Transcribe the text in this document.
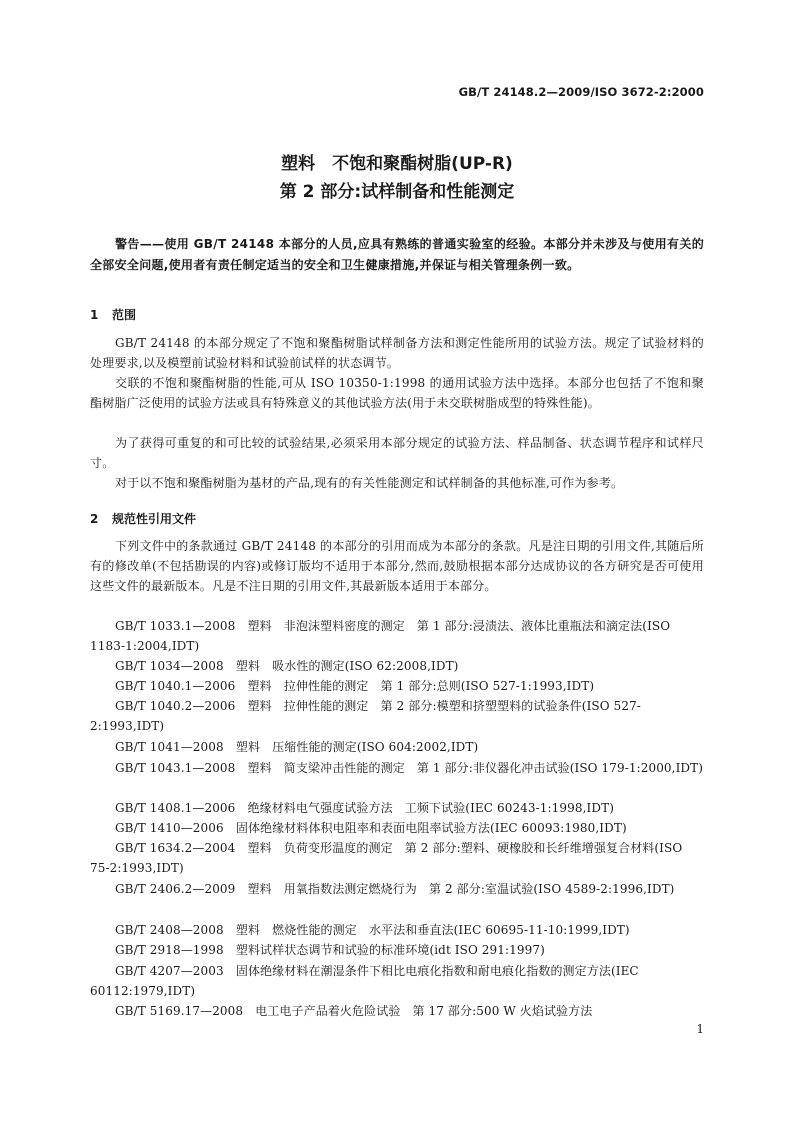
GB/T 24148.2—2009/ISO 3672-2:2000
塑料　不饱和聚酯树脂(UP-R)
第 2 部分:试样制备和性能测定
警告——使用 GB/T 24148 本部分的人员,应具有熟练的普通实验室的经验。本部分并未涉及与使用有关的全部安全问题,使用者有责任制定适当的安全和卫生健康措施,并保证与相关管理条例一致。
1 范围
GB/T 24148 的本部分规定了不饱和聚酯树脂试样制备方法和测定性能所用的试验方法。规定了试验材料的处理要求,以及模塑前试验材料和试验前试样的状态调节。
交联的不饱和聚酯树脂的性能,可从 ISO 10350-1:1998 的通用试验方法中选择。本部分也包括了不饱和聚酯树脂广泛使用的试验方法或具有特殊意义的其他试验方法(用于未交联树脂成型的特殊性能)。
为了获得可重复的和可比较的试验结果,必须采用本部分规定的试验方法、样品制备、状态调节程序和试样尺寸。
对于以不饱和聚酯树脂为基材的产品,现有的有关性能测定和试样制备的其他标准,可作为参考。
2 规范性引用文件
下列文件中的条款通过 GB/T 24148 的本部分的引用而成为本部分的条款。凡是注日期的引用文件,其随后所有的修改单(不包括勘误的内容)或修订版均不适用于本部分,然而,鼓励根据本部分达成协议的各方研究是否可使用这些文件的最新版本。凡是不注日期的引用文件,其最新版本适用于本部分。
GB/T 1033.1—2008　塑料　非泡沫塑料密度的测定　第 1 部分:浸渍法、液体比重瓶法和滴定法(ISO 1183-1:2004,IDT)
GB/T 1034—2008　塑料　吸水性的测定(ISO 62:2008,IDT)
GB/T 1040.1—2006　塑料　拉伸性能的测定　第 1 部分:总则(ISO 527-1:1993,IDT)
GB/T 1040.2—2006　塑料　拉伸性能的测定　第 2 部分:模塑和挤塑塑料的试验条件(ISO 527-2:1993,IDT)
GB/T 1041—2008　塑料　压缩性能的测定(ISO 604:2002,IDT)
GB/T 1043.1—2008　塑料　简支梁冲击性能的测定　第 1 部分:非仪器化冲击试验(ISO 179-1:2000,IDT)
GB/T 1408.1—2006　绝缘材料电气强度试验方法　工频下试验(IEC 60243-1:1998,IDT)
GB/T 1410—2006　固体绝缘材料体积电阻率和表面电阻率试验方法(IEC 60093:1980,IDT)
GB/T 1634.2—2004　塑料　负荷变形温度的测定　第 2 部分:塑料、硬橡胶和长纤维增强复合材料(ISO 75-2:1993,IDT)
GB/T 2406.2—2009　塑料　用氧指数法测定燃烧行为　第 2 部分:室温试验(ISO 4589-2:1996,IDT)
GB/T 2408—2008　塑料　燃烧性能的测定　水平法和垂直法(IEC 60695-11-10:1999,IDT)
GB/T 2918—1998　塑料试样状态调节和试验的标准环境(idt ISO 291:1997)
GB/T 4207—2003　固体绝缘材料在潮湿条件下相比电痕化指数和耐电痕化指数的测定方法(IEC 60112:1979,IDT)
GB/T 5169.17—2008　电工电子产品着火危险试验　第 17 部分:500 W 火焰试验方法
1
